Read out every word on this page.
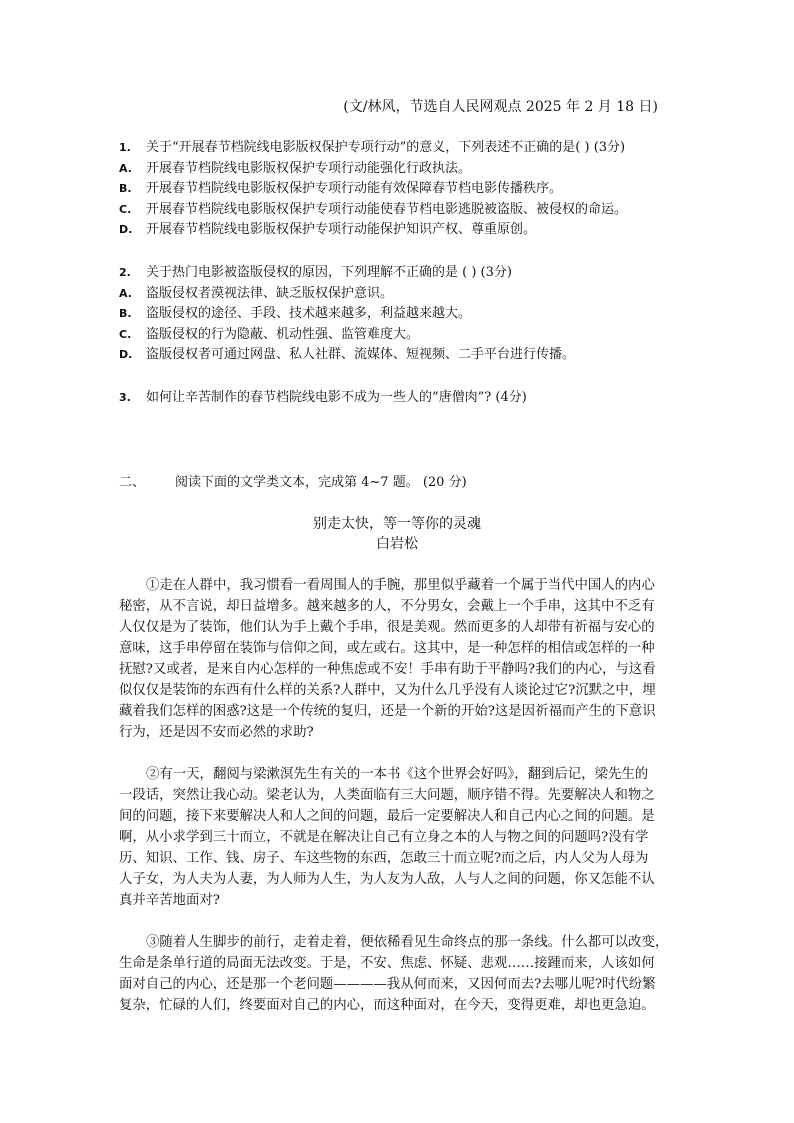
(文/林风，节选自人民网观点 2025 年 2 月 18 日)
1. 关于“开展春节档院线电影版权保护专项行动”的意义，下列表述不正确的是( ) (3分)
A. 开展春节档院线电影版权保护专项行动能强化行政执法。
B. 开展春节档院线电影版权保护专项行动能有效保障春节档电影传播秩序。
C. 开展春节档院线电影版权保护专项行动能使春节档电影逃脱被盗版、被侵权的命运。
D. 开展春节档院线电影版权保护专项行动能保护知识产权、尊重原创。
2. 关于热门电影被盗版侵权的原因，下列理解不正确的是 ( ) (3分)
A. 盗版侵权者漠视法律、缺乏版权保护意识。
B. 盗版侵权的途径、手段、技术越来越多，利益越来越大。
C. 盗版侵权的行为隐蔽、机动性强、监管难度大。
D. 盗版侵权者可通过网盘、私人社群、流媒体、短视频、二手平台进行传播。
3. 如何让辛苦制作的春节档院线电影不成为一些人的“唐僧肉”? (4分)
二、 阅读下面的文学类文本，完成第 4~7 题。 (20 分)
别走太快，等一等你的灵魂
白岩松
①走在人群中，我习惯看一看周围人的手腕，那里似乎藏着一个属于当代中国人的内心
秘密，从不言说，却日益增多。越来越多的人，不分男女，会戴上一个手串，这其中不乏有
人仅仅是为了装饰，他们认为手上戴个手串，很是美观。然而更多的人却带有祈福与安心的
意味，这手串停留在装饰与信仰之间，或左或右。这其中，是一种怎样的相信或怎样的一种
抚慰?又或者，是来自内心怎样的一种焦虑或不安！手串有助于平静吗?我们的内心，与这看
似仅仅是装饰的东西有什么样的关系?人群中，又为什么几乎没有人谈论过它?沉默之中，埋
藏着我们怎样的困惑?这是一个传统的复归，还是一个新的开始?这是因祈福而产生的下意识
行为，还是因不安而必然的求助?
②有一天，翻阅与梁漱溟先生有关的一本书《这个世界会好吗》，翻到后记，梁先生的
一段话，突然让我心动。梁老认为，人类面临有三大问题，顺序错不得。先要解决人和物之
间的问题，接下来要解决人和人之间的问题，最后一定要解决人和自己内心之间的问题。是
啊，从小求学到三十而立，不就是在解决让自己有立身之本的人与物之间的问题吗?没有学
历、知识、工作、钱、房子、车这些物的东西，怎敢三十而立呢?而之后，内人父为人母为
人子女，为人夫为人妻，为人师为人生，为人友为人敌，人与人之间的问题，你又怎能不认
真并辛苦地面对?
③随着人生脚步的前行，走着走着，便依稀看见生命终点的那一条线。什么都可以改变，
生命是条单行道的局面无法改变。于是，不安、焦虑、怀疑、悲观……接踵而来，人该如何
面对自己的内心，还是那一个老问题————我从何而来，又因何而去?去哪儿呢?时代纷繁
复杂，忙碌的人们，终要面对自己的内心，而这种面对，在今天，变得更难，却也更急迫。
